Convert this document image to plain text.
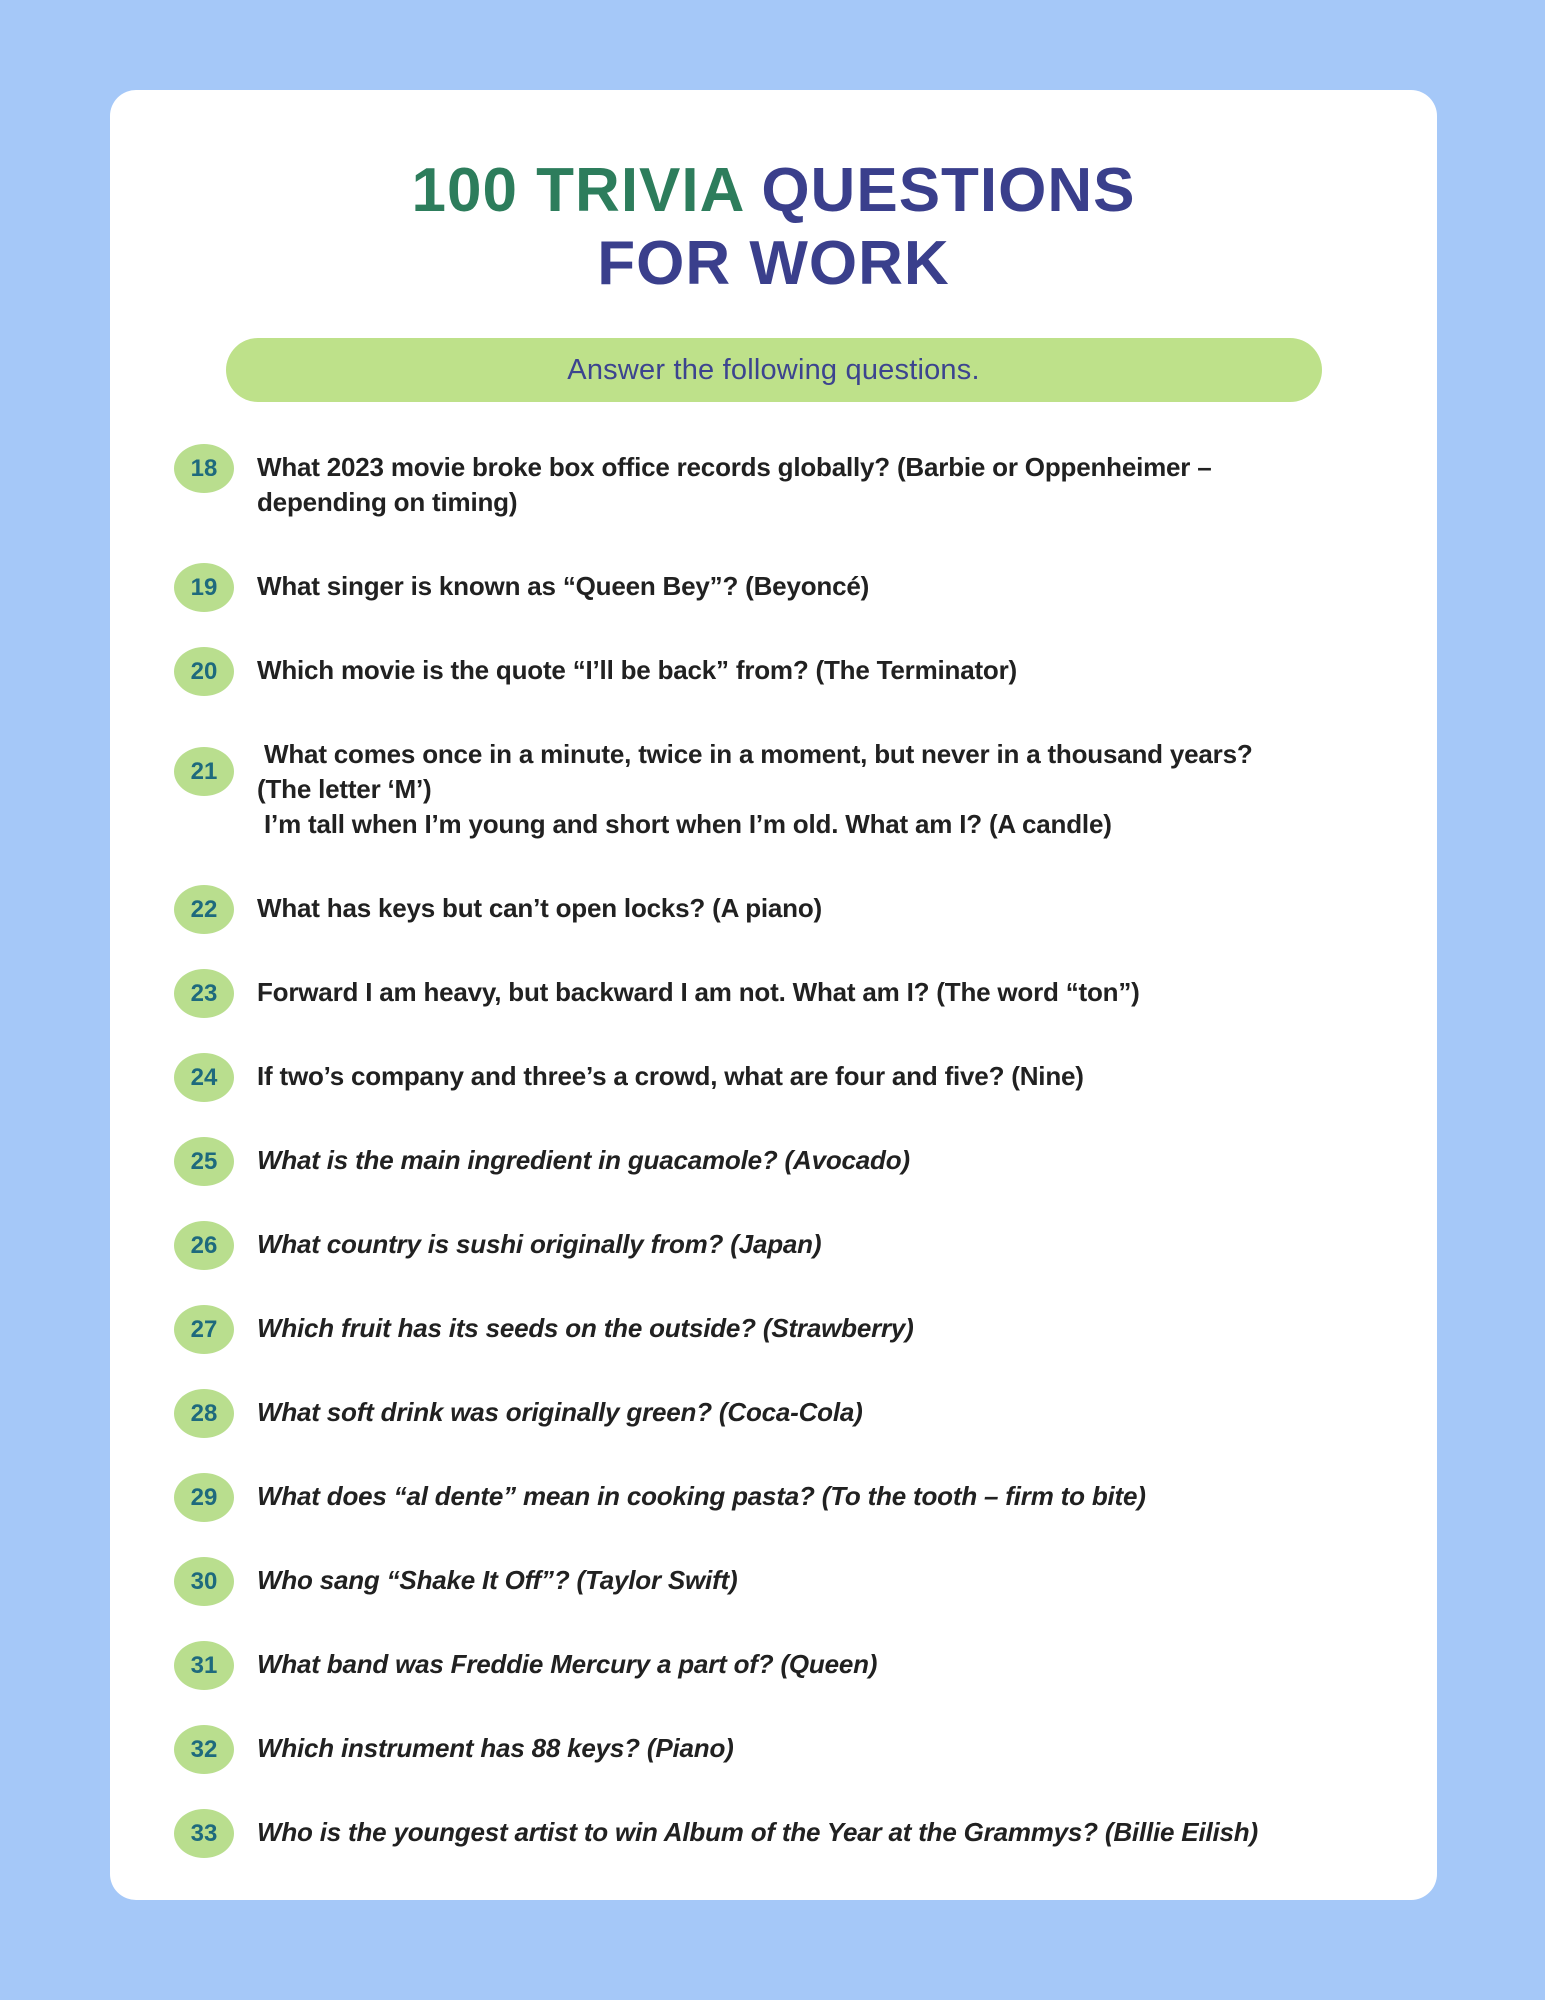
100 TRIVIA QUESTIONS
FOR WORK
Answer the following questions.
18 What 2023 movie broke box office records globally? (Barbie or Oppenheimer –
depending on timing)
19 What singer is known as “Queen Bey”? (Beyoncé)
20 Which movie is the quote “I’ll be back” from? (The Terminator)
21
What comes once in a minute, twice in a moment, but never in a thousand years?
(The letter ‘M’)
I’m tall when I’m young and short when I’m old. What am I? (A candle)
22 What has keys but can’t open locks? (A piano)
23 Forward I am heavy, but backward I am not. What am I? (The word “ton”)
24 If two’s company and three’s a crowd, what are four and five? (Nine)
25 What is the main ingredient in guacamole? (Avocado)
26 What country is sushi originally from? (Japan)
27 Which fruit has its seeds on the outside? (Strawberry)
28 What soft drink was originally green? (Coca-Cola)
29 What does “al dente” mean in cooking pasta? (To the tooth – firm to bite)
30 Who sang “Shake It Off”? (Taylor Swift)
31 What band was Freddie Mercury a part of? (Queen)
32 Which instrument has 88 keys? (Piano)
33 Who is the youngest artist to win Album of the Year at the Grammys? (Billie Eilish)
